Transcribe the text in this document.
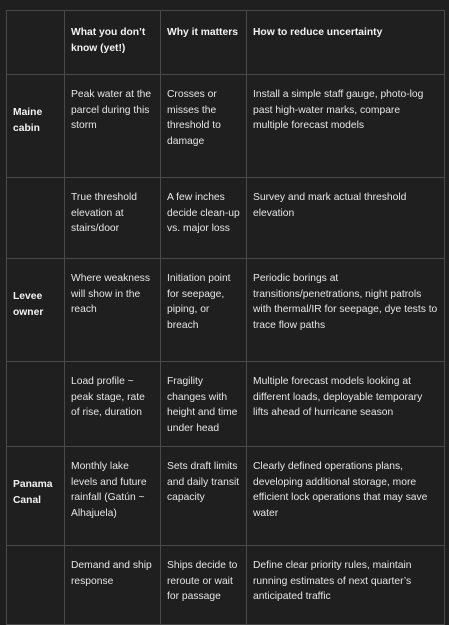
	What you don’t know (yet!)	Why it matters	How to reduce uncertainty
Maine cabin	Peak water at the parcel during this storm	Crosses or misses the threshold to damage	Install a simple staff gauge, photo-log past high-water marks, compare multiple forecast models
	True threshold elevation at stairs/door	A few inches decide clean-up vs. major loss	Survey and mark actual threshold elevation
Levee owner	Where weakness will show in the reach	Initiation point for seepage, piping, or breach	Periodic borings at transitions/penetrations, night patrols with thermal/IR for seepage, dye tests to trace flow paths
	Load profile ~ peak stage, rate of rise, duration	Fragility changes with height and time under head	Multiple forecast models looking at different loads, deployable temporary lifts ahead of hurricane season
Panama Canal	Monthly lake levels and future rainfall (Gatún ~ Alhajuela)	Sets draft limits and daily transit capacity	Clearly defined operations plans, developing additional storage, more efficient lock operations that may save water
	Demand and ship response	Ships decide to reroute or wait for passage	Define clear priority rules, maintain running estimates of next quarter’s anticipated traffic
